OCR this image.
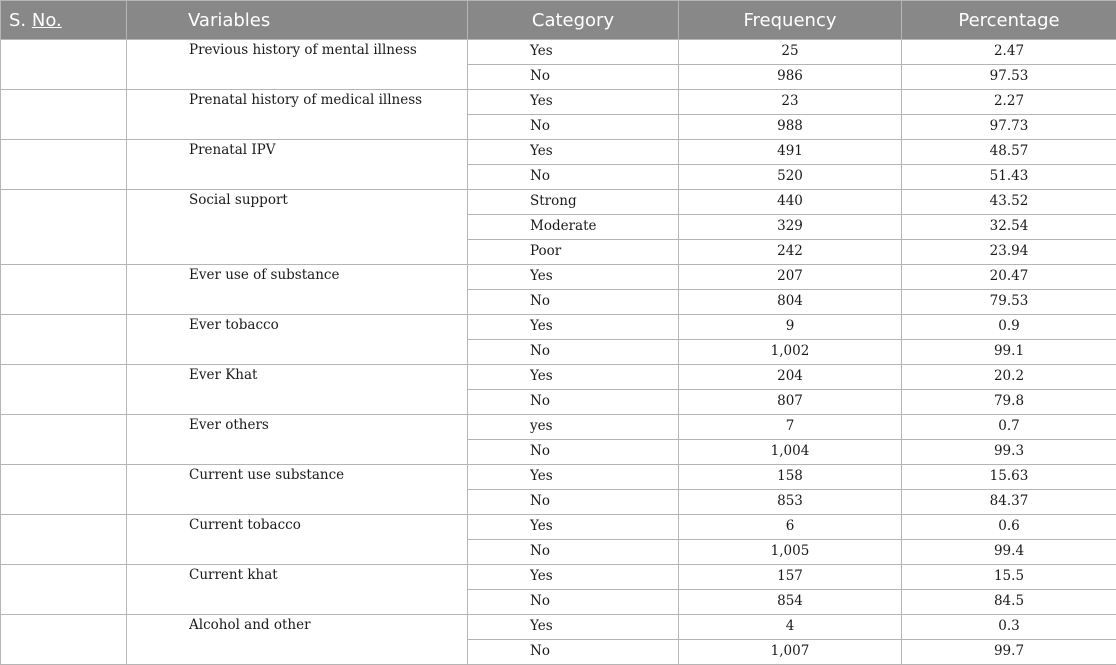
S. No.	Variables	Category	Frequency	Percentage
	Previous history of mental illness	Yes	25	2.47
		No	986	97.53
	Prenatal history of medical illness	Yes	23	2.27
		No	988	97.73
	Prenatal IPV	Yes	491	48.57
		No	520	51.43
	Social support	Strong	440	43.52
		Moderate	329	32.54
		Poor	242	23.94
	Ever use of substance	Yes	207	20.47
		No	804	79.53
	Ever tobacco	Yes	9	0.9
		No	1,002	99.1
	Ever Khat	Yes	204	20.2
		No	807	79.8
	Ever others	yes	7	0.7
		No	1,004	99.3
	Current use substance	Yes	158	15.63
		No	853	84.37
	Current tobacco	Yes	6	0.6
		No	1,005	99.4
	Current khat	Yes	157	15.5
		No	854	84.5
	Alcohol and other	Yes	4	0.3
		No	1,007	99.7
